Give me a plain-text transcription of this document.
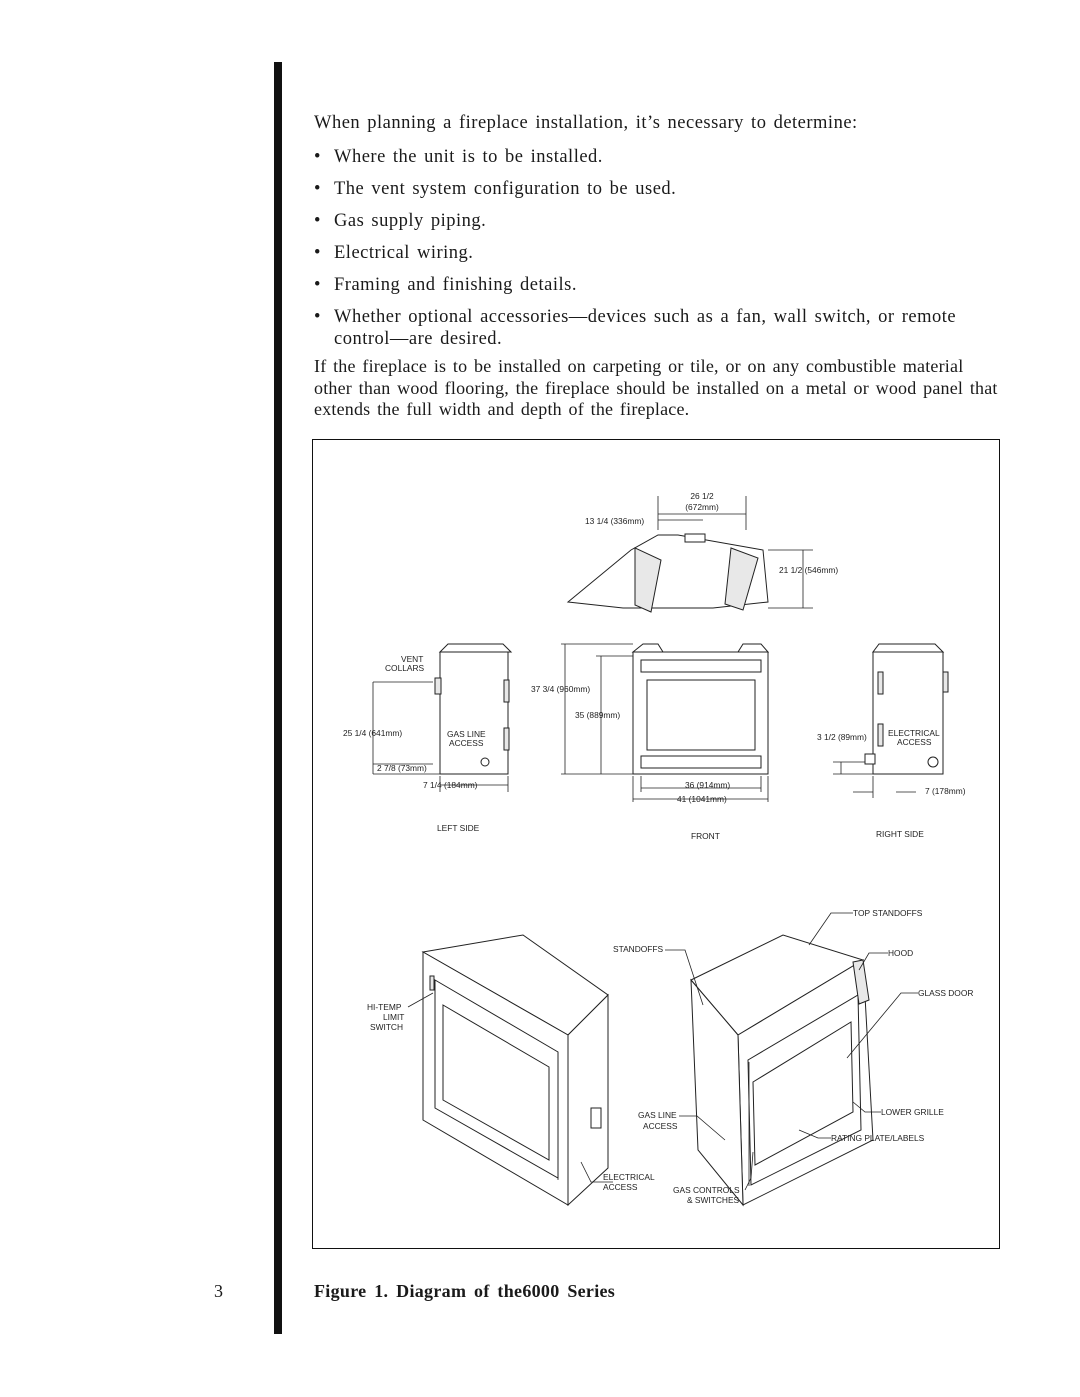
When planning a fireplace installation, it’s necessary to determine:
• Where the unit is to be installed.
• The vent system configuration to be used.
• Gas supply piping.
• Electrical wiring.
• Framing and finishing details.
• Whether optional accessories—devices such as a fan, wall switch, or remote control—are desired.
If the fireplace is to be installed on carpeting or tile, or on any combustible material other than wood flooring, the fireplace should be installed on a metal or wood panel that extends the full width and depth of the fireplace.
26 1/2
(672mm)
13 1/4 (336mm)
21 1/2 (546mm)
VENT
COLLARS
25 1/4 (641mm)	GAS LINE
ACCESS
2 7/8 (73mm)
7 1/4 (184mm)
37 3/4 (960mm)
35 (889mm)
36 (914mm)
41 (1041mm)
3 1/2 (89mm)	ELECTRICAL
ACCESS
7 (178mm)
LEFT SIDE
FRONT	RIGHT SIDE
HI-TEMP
LIMIT
SWITCH
ELECTRICAL
ACCESS
STANDOFFS
TOP STANDOFFS
HOOD
GLASS DOOR
GAS LINE
ACCESS
LOWER GRILLE
RATING PLATE/LABELS
GAS CONTROLS
& SWITCHES
3	Figure 1. Diagram of the6000 Series
